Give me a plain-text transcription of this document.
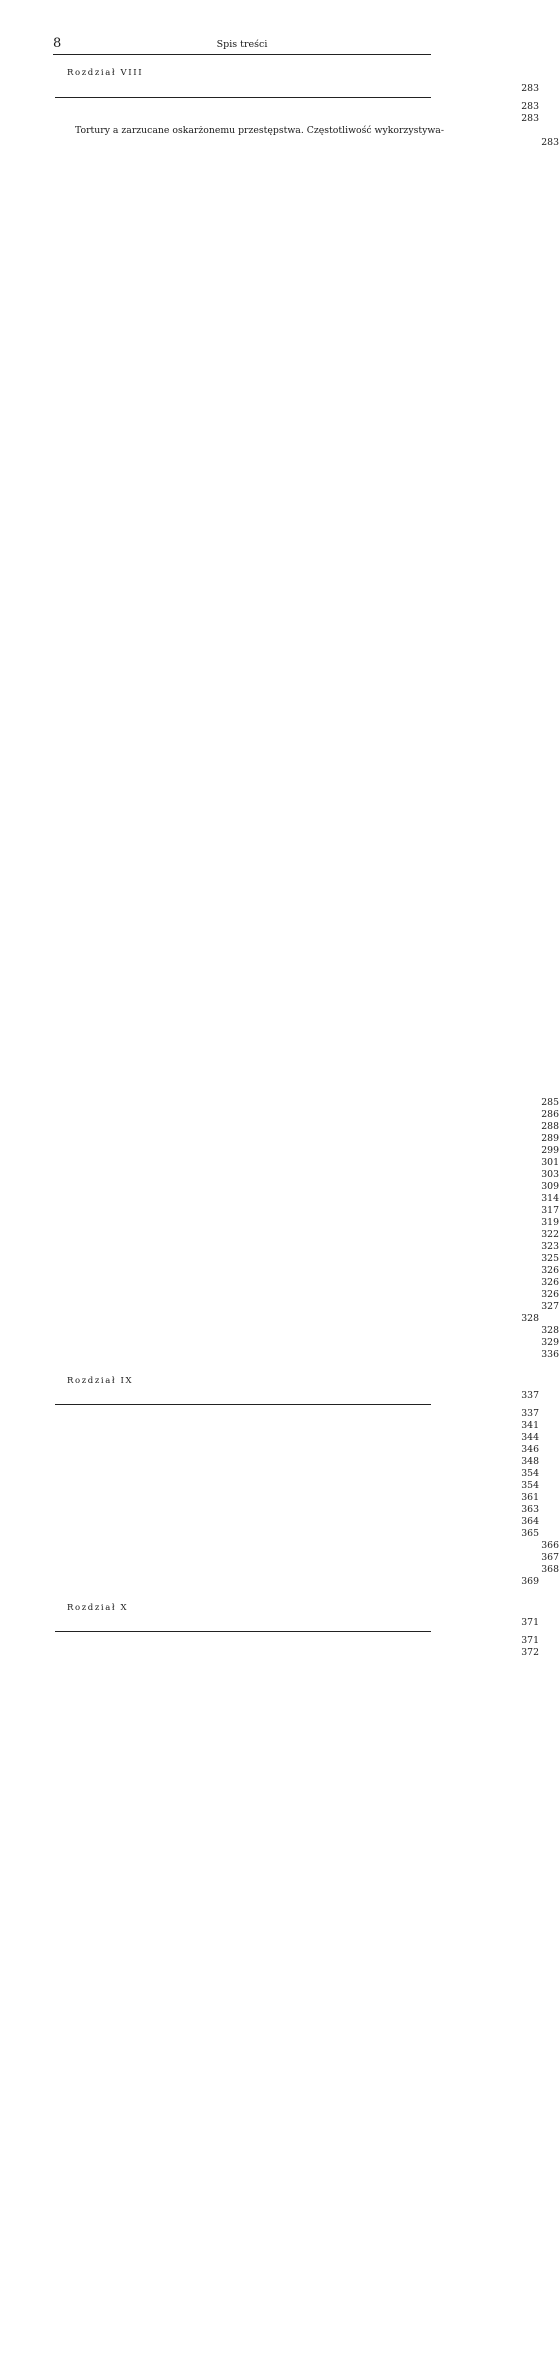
8	Spis treści
Rozdział VIII
283
283
283
Tortury a zarzucane oskarżonemu przestępstwa. Częstotliwość wykorzystywa-
283
285
286
288
289
299
301
303
309
314
317
319
322
323
325
326
326
326
327
328
328
329
336
Rozdział IX
337
337
341
344
346
348
354
354
361
363
364
365
366
367
368
369
Rozdział X
371
371
372
